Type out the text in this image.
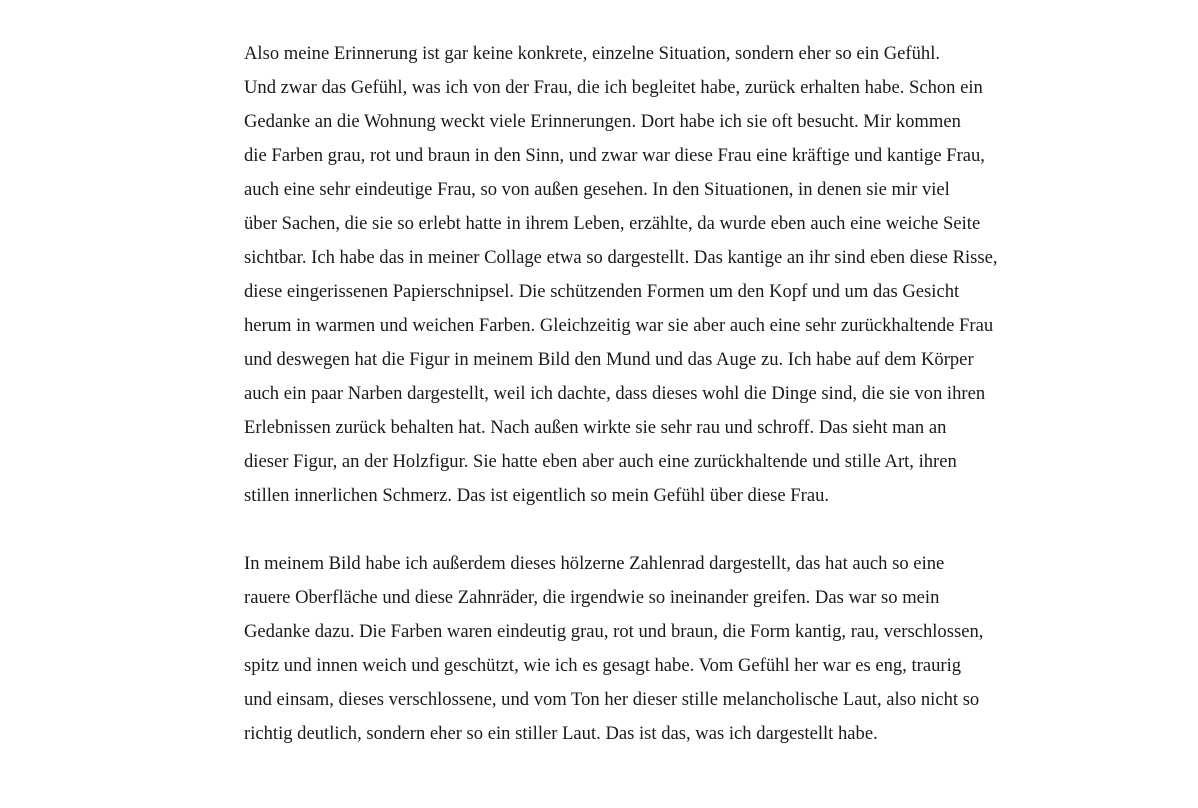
Also meine Erinnerung ist gar keine konkrete, einzelne Situation, sondern eher so ein Gefühl.
Und zwar das Gefühl, was ich von der Frau, die ich begleitet habe, zurück erhalten habe. Schon ein
Gedanke an die Wohnung weckt viele Erinnerungen. Dort habe ich sie oft besucht. Mir kommen
die Farben grau, rot und braun in den Sinn, und zwar war diese Frau eine kräftige und kantige Frau,
auch eine sehr eindeutige Frau, so von außen gesehen. In den Situationen, in denen sie mir viel
über Sachen, die sie so erlebt hatte in ihrem Leben, erzählte, da wurde eben auch eine weiche Seite
sichtbar. Ich habe das in meiner Collage etwa so dargestellt. Das kantige an ihr sind eben diese Risse,
diese eingerissenen Papierschnipsel. Die schützenden Formen um den Kopf und um das Gesicht
herum in warmen und weichen Farben. Gleichzeitig war sie aber auch eine sehr zurückhaltende Frau
und deswegen hat die Figur in meinem Bild den Mund und das Auge zu. Ich habe auf dem Körper
auch ein paar Narben dargestellt, weil ich dachte, dass dieses wohl die Dinge sind, die sie von ihren
Erlebnissen zurück behalten hat. Nach außen wirkte sie sehr rau und schroff. Das sieht man an
dieser Figur, an der Holzfigur. Sie hatte eben aber auch eine zurückhaltende und stille Art, ihren
stillen innerlichen Schmerz. Das ist eigentlich so mein Gefühl über diese Frau.
In meinem Bild habe ich außerdem dieses hölzerne Zahlenrad dargestellt, das hat auch so eine
rauere Oberfläche und diese Zahnräder, die irgendwie so ineinander greifen. Das war so mein
Gedanke dazu. Die Farben waren eindeutig grau, rot und braun, die Form kantig, rau, verschlossen,
spitz und innen weich und geschützt, wie ich es gesagt habe. Vom Gefühl her war es eng, traurig
und einsam, dieses verschlossene, und vom Ton her dieser stille melancholische Laut, also nicht so
richtig deutlich, sondern eher so ein stiller Laut. Das ist das, was ich dargestellt habe.
